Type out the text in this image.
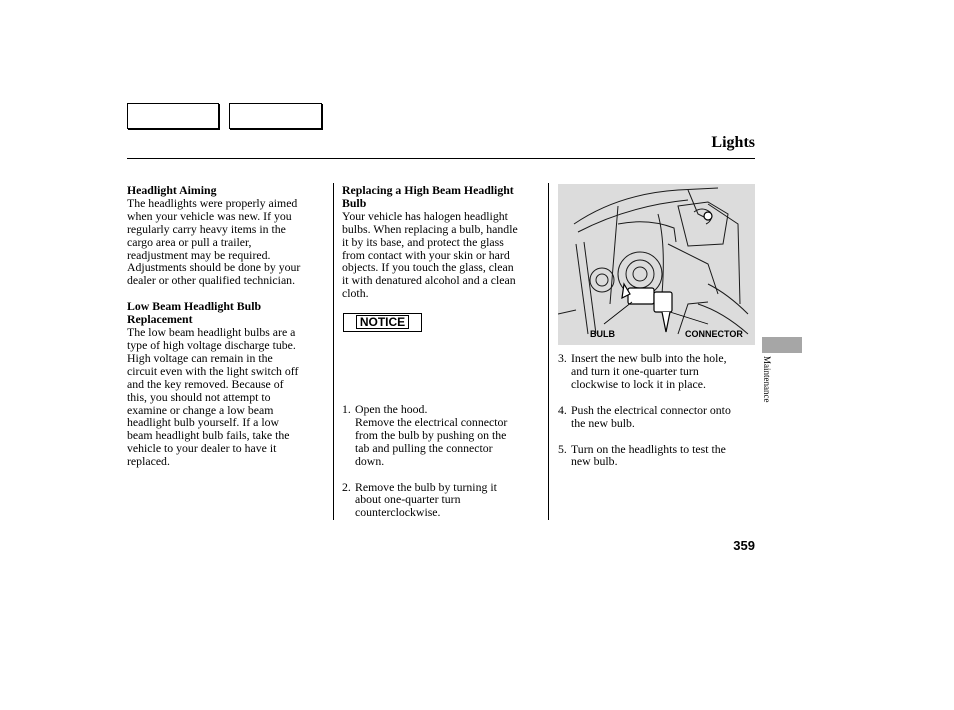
Lights

Headlight Aiming

The headlights were properly aimed

when your vehicle was new. If you

regularly carry heavy items in the

cargo area or pull a trailer,

readjustment may be required.

Adjustments should be done by your

dealer or other qualified technician.

Low Beam Headlight Bulb

Replacement

The low beam headlight bulbs are a

type of high voltage discharge tube.

High voltage can remain in the

circuit even with the light switch off

and the key removed. Because of

this, you should not attempt to

examine or change a low beam

headlight bulb yourself. If a low

beam headlight bulb fails, take the

vehicle to your dealer to have it

replaced.

Replacing a High Beam Headlight

Bulb

Your vehicle has halogen headlight

bulbs. When replacing a bulb, handle

it by its base, and protect the glass

from contact with your skin or hard

objects. If you touch the glass, clean

it with denatured alcohol and a clean

cloth.

NOTICE
1. Open the hood.

Remove the electrical connector

from the bulb by pushing on the

tab and pulling the connector

down.

2. Remove the bulb by turning it

about one-quarter turn

counterclockwise.

BULB	CONNECTOR
3. Insert the new bulb into the hole,

and turn it one-quarter turn

clockwise to lock it in place.

4. Push the electrical connector onto

the new bulb.

5. Turn on the headlights to test the

new bulb.

Maintenance
359
